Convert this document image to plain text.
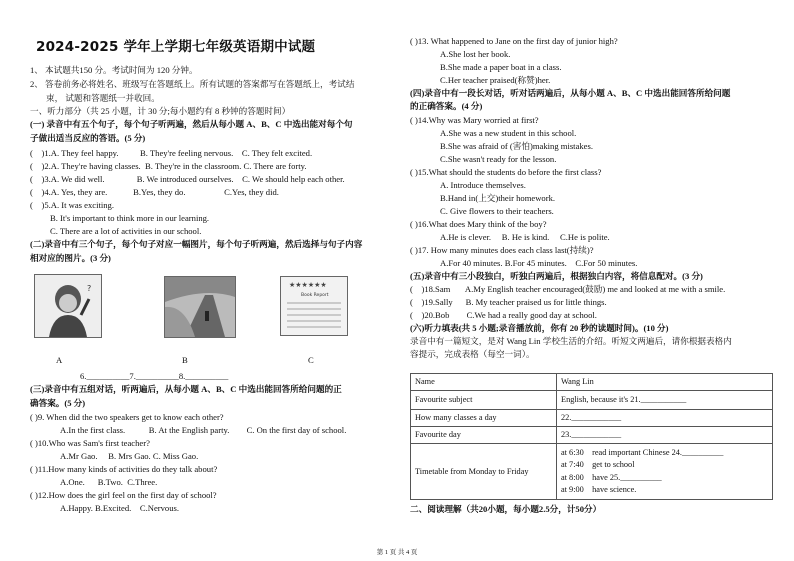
2024-2025 学年上学期七年级英语期中试题
1、 本试题共150 分。考试时间为 120 分钟。
2、 答卷前务必将姓名、班级写在答题纸上。所有试题的答案都写在答题纸上，考试结
束， 试题和答题纸一并收回。
一、听力部分（共 25 小题，计 30 分;每小题约有 8 秒钟的答题时间）
(一) 录音中有五个句子，每个句子听两遍，然后从每小题 A、B、C 中选出能对每个句
子做出适当反应的答语。(5 分)
(    )1.A. They feel happy.          B. They're feeling nervous.    C. They felt excited.
(    )2.A. They're having classes.  B. They're in the classroom. C. There are forty.
(    )3.A. We did well.               B. We introduced ourselves.    C. We should help each other.
(    )4.A. Yes, they are.            B.Yes, they do.                  C.Yes, they did.
(    )5.A. It was exciting.
B. It's important to think more in our learning.
C. There are a lot of activities in our school.
(二)录音中有三个句子，每个句子对应一幅图片，每个句子听两遍，然后选择与句子内容
相对应的图片。(3 分)
?	★★★★★★
Book Report
A	B	C
6.__________7.__________8.__________
(三)录音中有五组对话，听两遍后，从每小题 A、B、C 中选出能回答所给问题的正
确答案。(5 分)
( )9. When did the two speakers get to know each other?
A.In the first class.           B. At the English party.        C. On the first day of school.
( )10.Who was Sam's first teacher?
A.Mr Gao.     B. Mrs Gao. C. Miss Gao.
( )11.How many kinds of activities do they talk about?
A.One.      B.Two.  C.Three.
( )12.How does the girl feel on the first day of school?
A.Happy. B.Excited.    C.Nervous.
( )13. What happened to Jane on the first day of junior high?
A.She lost her book.
B.She made a paper boat in a class.
C.Her teacher praised(称赞)her.
(四)录音中有一段长对话，听对话两遍后，从每小题 A、B、C 中选出能回答所给问题
的正确答案。(4 分)
( )14.Why was Mary worried at first?
A.She was a new student in this school.
B.She was afraid of (害怕)making mistakes.
C.She wasn't ready for the lesson.
( )15.What should the students do before the first class?
A. Introduce themselves.
B.Hand in(上交)their homework.
C. Give flowers to their teachers.
( )16.What does Mary think of the boy?
A.He is clever.     B. He is kind.     C.He is polite.
( )17. How many minutes does each class last(持续)?
A.For 40 minutes. B.For 45 minutes.    C.For 50 minutes.
(五)录音中有三小段独白，听独白两遍后，根据独白内容，将信息配对。(3 分)
(    )18.Sam       A.My English teacher encouraged(鼓励) me and looked at me with a smile.
(    )19.Sally      B. My teacher praised us for little things.
(    )20.Bob        C.We had a really good day at school.
(六)听力填表(共 5 小题;录音播放前，你有 20 秒的读题时间)。(10 分)
录音中有一篇短文，是对 Wang Lin 学校生活的介绍。听短文两遍后，请你根据表格内
容提示，完成表格（每空一词）。
Name	Wang Lin
Favourite subject	English, because it's 21.___________
How many classes a day	22.____________
Favourite day	23.____________
Timetable from Monday to Friday	at 6:30    read important Chinese 24.__________
at 7:40    get to school
at 8:00    have 25.__________
at 9:00    have science.
二、阅读理解（共20小题，每小题2.5分，计50分）
第 1 页 共 4 页
